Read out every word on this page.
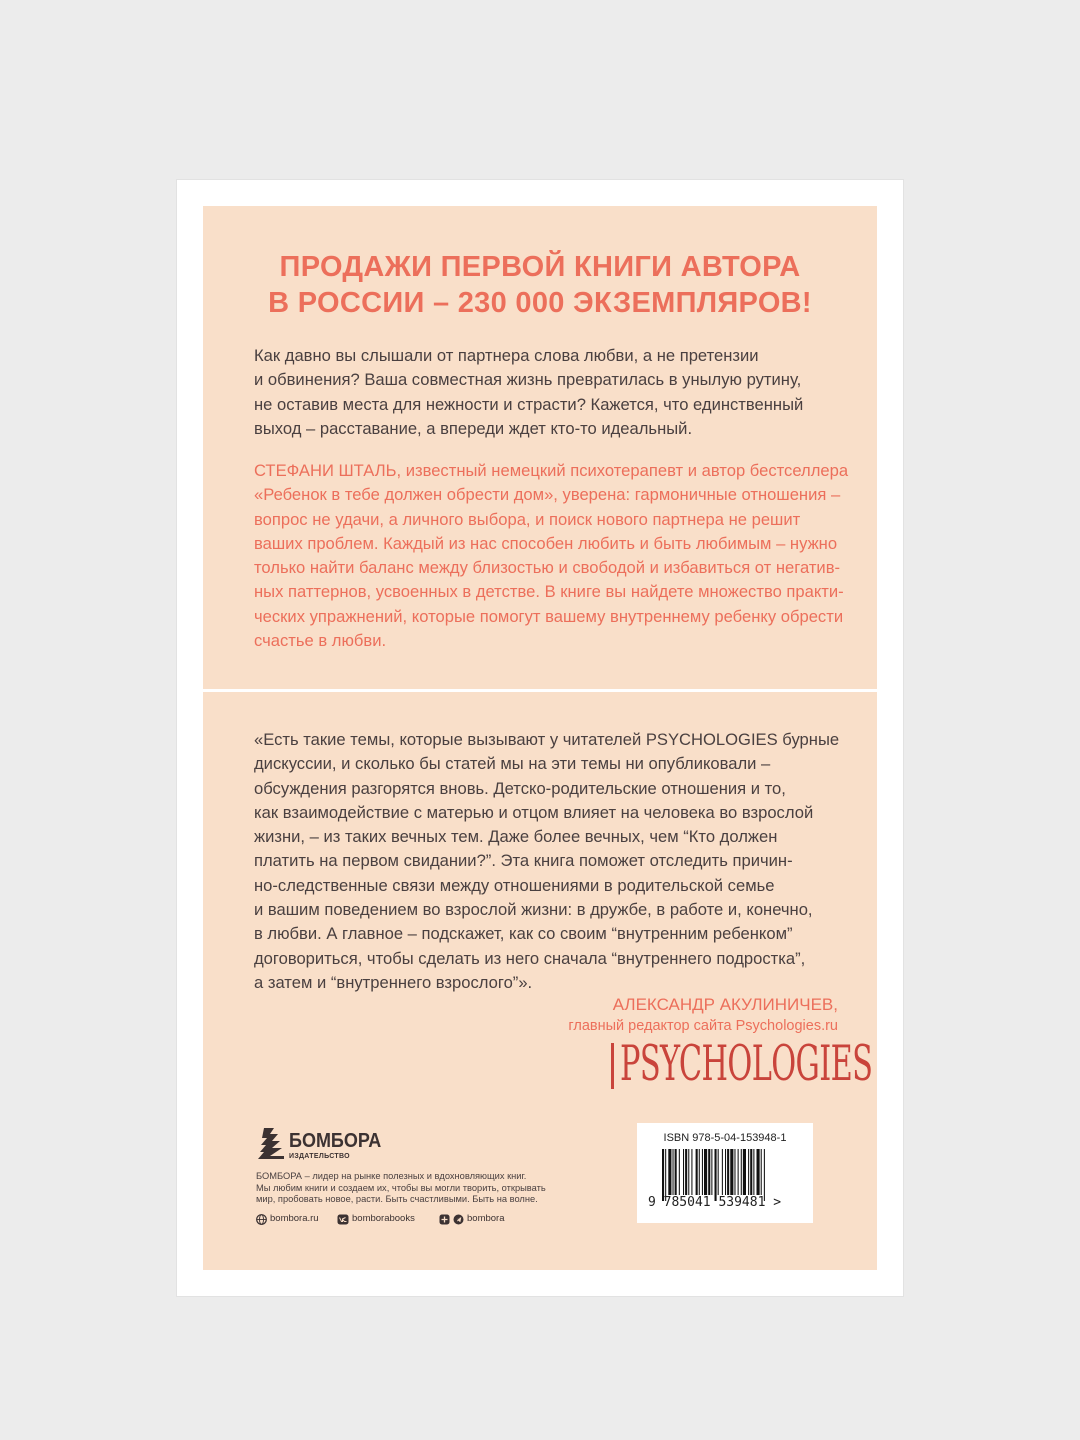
ПРОДАЖИ ПЕРВОЙ КНИГИ АВТОРА
В РОССИИ – 230 000 ЭКЗЕМПЛЯРОВ!
Как давно вы слышали от партнера слова любви, а не претензии
и обвинения? Ваша совместная жизнь превратилась в унылую рутину,
не оставив места для нежности и страсти? Кажется, что единственный
выход – расставание, а впереди ждет кто-то идеальный.
СТЕФАНИ ШТАЛЬ, известный немецкий психотерапевт и автор бестселлера
«Ребенок в тебе должен обрести дом», уверена: гармоничные отношения –
вопрос не удачи, а личного выбора, и поиск нового партнера не решит
ваших проблем. Каждый из нас способен любить и быть любимым – нужно
только найти баланс между близостью и свободой и избавиться от негатив-
ных паттернов, усвоенных в детстве. В книге вы найдете множество практи-
ческих упражнений, которые помогут вашему внутреннему ребенку обрести
счастье в любви.
«Есть такие темы, которые вызывают у читателей PSYCHOLOGIES бурные
дискуссии, и сколько бы статей мы на эти темы ни опубликовали –
обсуждения разгорятся вновь. Детско-родительские отношения и то,
как взаимодействие с матерью и отцом влияет на человека во взрослой
жизни, – из таких вечных тем. Даже более вечных, чем “Кто должен
платить на первом свидании?”. Эта книга поможет отследить причин-
но-следственные связи между отношениями в родительской семье
и вашим поведением во взрослой жизни: в дружбе, в работе и, конечно,
в любви. А главное – подскажет, как со своим “внутренним ребенком”
договориться, чтобы сделать из него сначала “внутреннего подростка”,
а затем и “внутреннего взрослого”».
АЛЕКСАНДР АКУЛИНИЧЕВ,
главный редактор сайта Psychologies.ru
PSYCHOLOGIES
БОМБОРА
ИЗДАТЕЛЬСТВО
БОМБОРА – лидер на рынке полезных и вдохновляющих книг.
Мы любим книги и создаем их, чтобы вы могли творить, открывать
мир, пробовать новое, расти. Быть счастливыми. Быть на волне.
bombora.ru	bomborabooks	bombora
ISBN 978-5-04-153948-1
9 785041 539481 >
